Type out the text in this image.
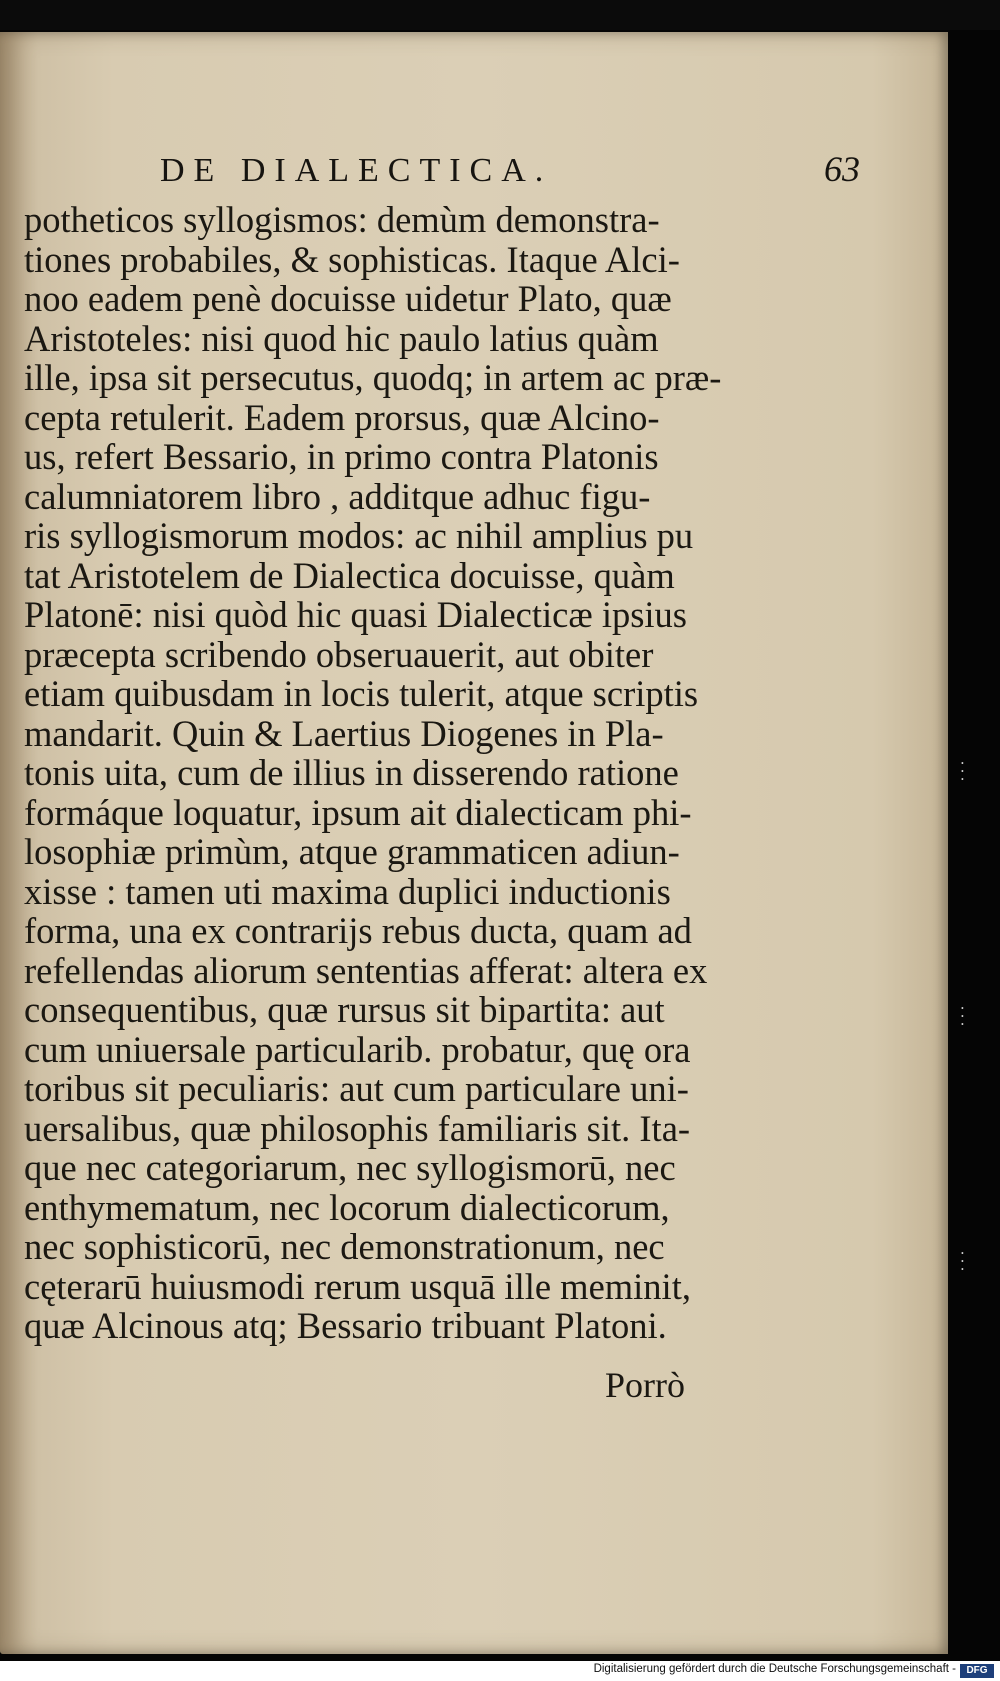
DE DIALECTICA.	63
potheticos syllogismos: demùm demonstra-
tiones probabiles, & sophisticas. Itaque Alci-
noo eadem penè docuisse uidetur Plato, quæ
Aristoteles: nisi quod hic paulo latius quàm
ille, ipsa sit persecutus, quodq; in artem ac præ-
cepta retulerit. Eadem prorsus, quæ Alcino-
us, refert Bessario, in primo contra Platonis
calumniatorem libro , additque adhuc figu-
ris syllogismorum modos: ac nihil amplius pu
tat Aristotelem de Dialectica docuisse, quàm
Platonē: nisi quòd hic quasi Dialecticæ ipsius
præcepta scribendo obseruauerit, aut obiter
etiam quibusdam in locis tulerit, atque scriptis
mandarit. Quin & Laertius Diogenes in Pla-
tonis uita, cum de illius in disserendo ratione
formáque loquatur, ipsum ait dialecticam phi-
losophiæ primùm, atque grammaticen adiun-
xisse : tamen uti maxima duplici inductionis
forma, una ex contrarijs rebus ducta, quam ad
refellendas aliorum sententias afferat: altera ex
consequentibus, quæ rursus sit bipartita: aut
cum uniuersale particularib. probatur, quę ora
toribus sit peculiaris: aut cum particulare uni-
uersalibus, quæ philosophis familiaris sit. Ita-
que nec categoriarum, nec syllogismorū, nec
enthymematum, nec locorum dialecticorum,
nec sophisticorū, nec demonstrationum, nec
cęterarū huiusmodi rerum usquā ille meminit,
quæ Alcinous atq; Bessario tribuant Platoni.
Porrò
• • •
• • •
• • •
Digitalisierung gefördert durch die Deutsche Forschungsgemeinschaft -	DFG
